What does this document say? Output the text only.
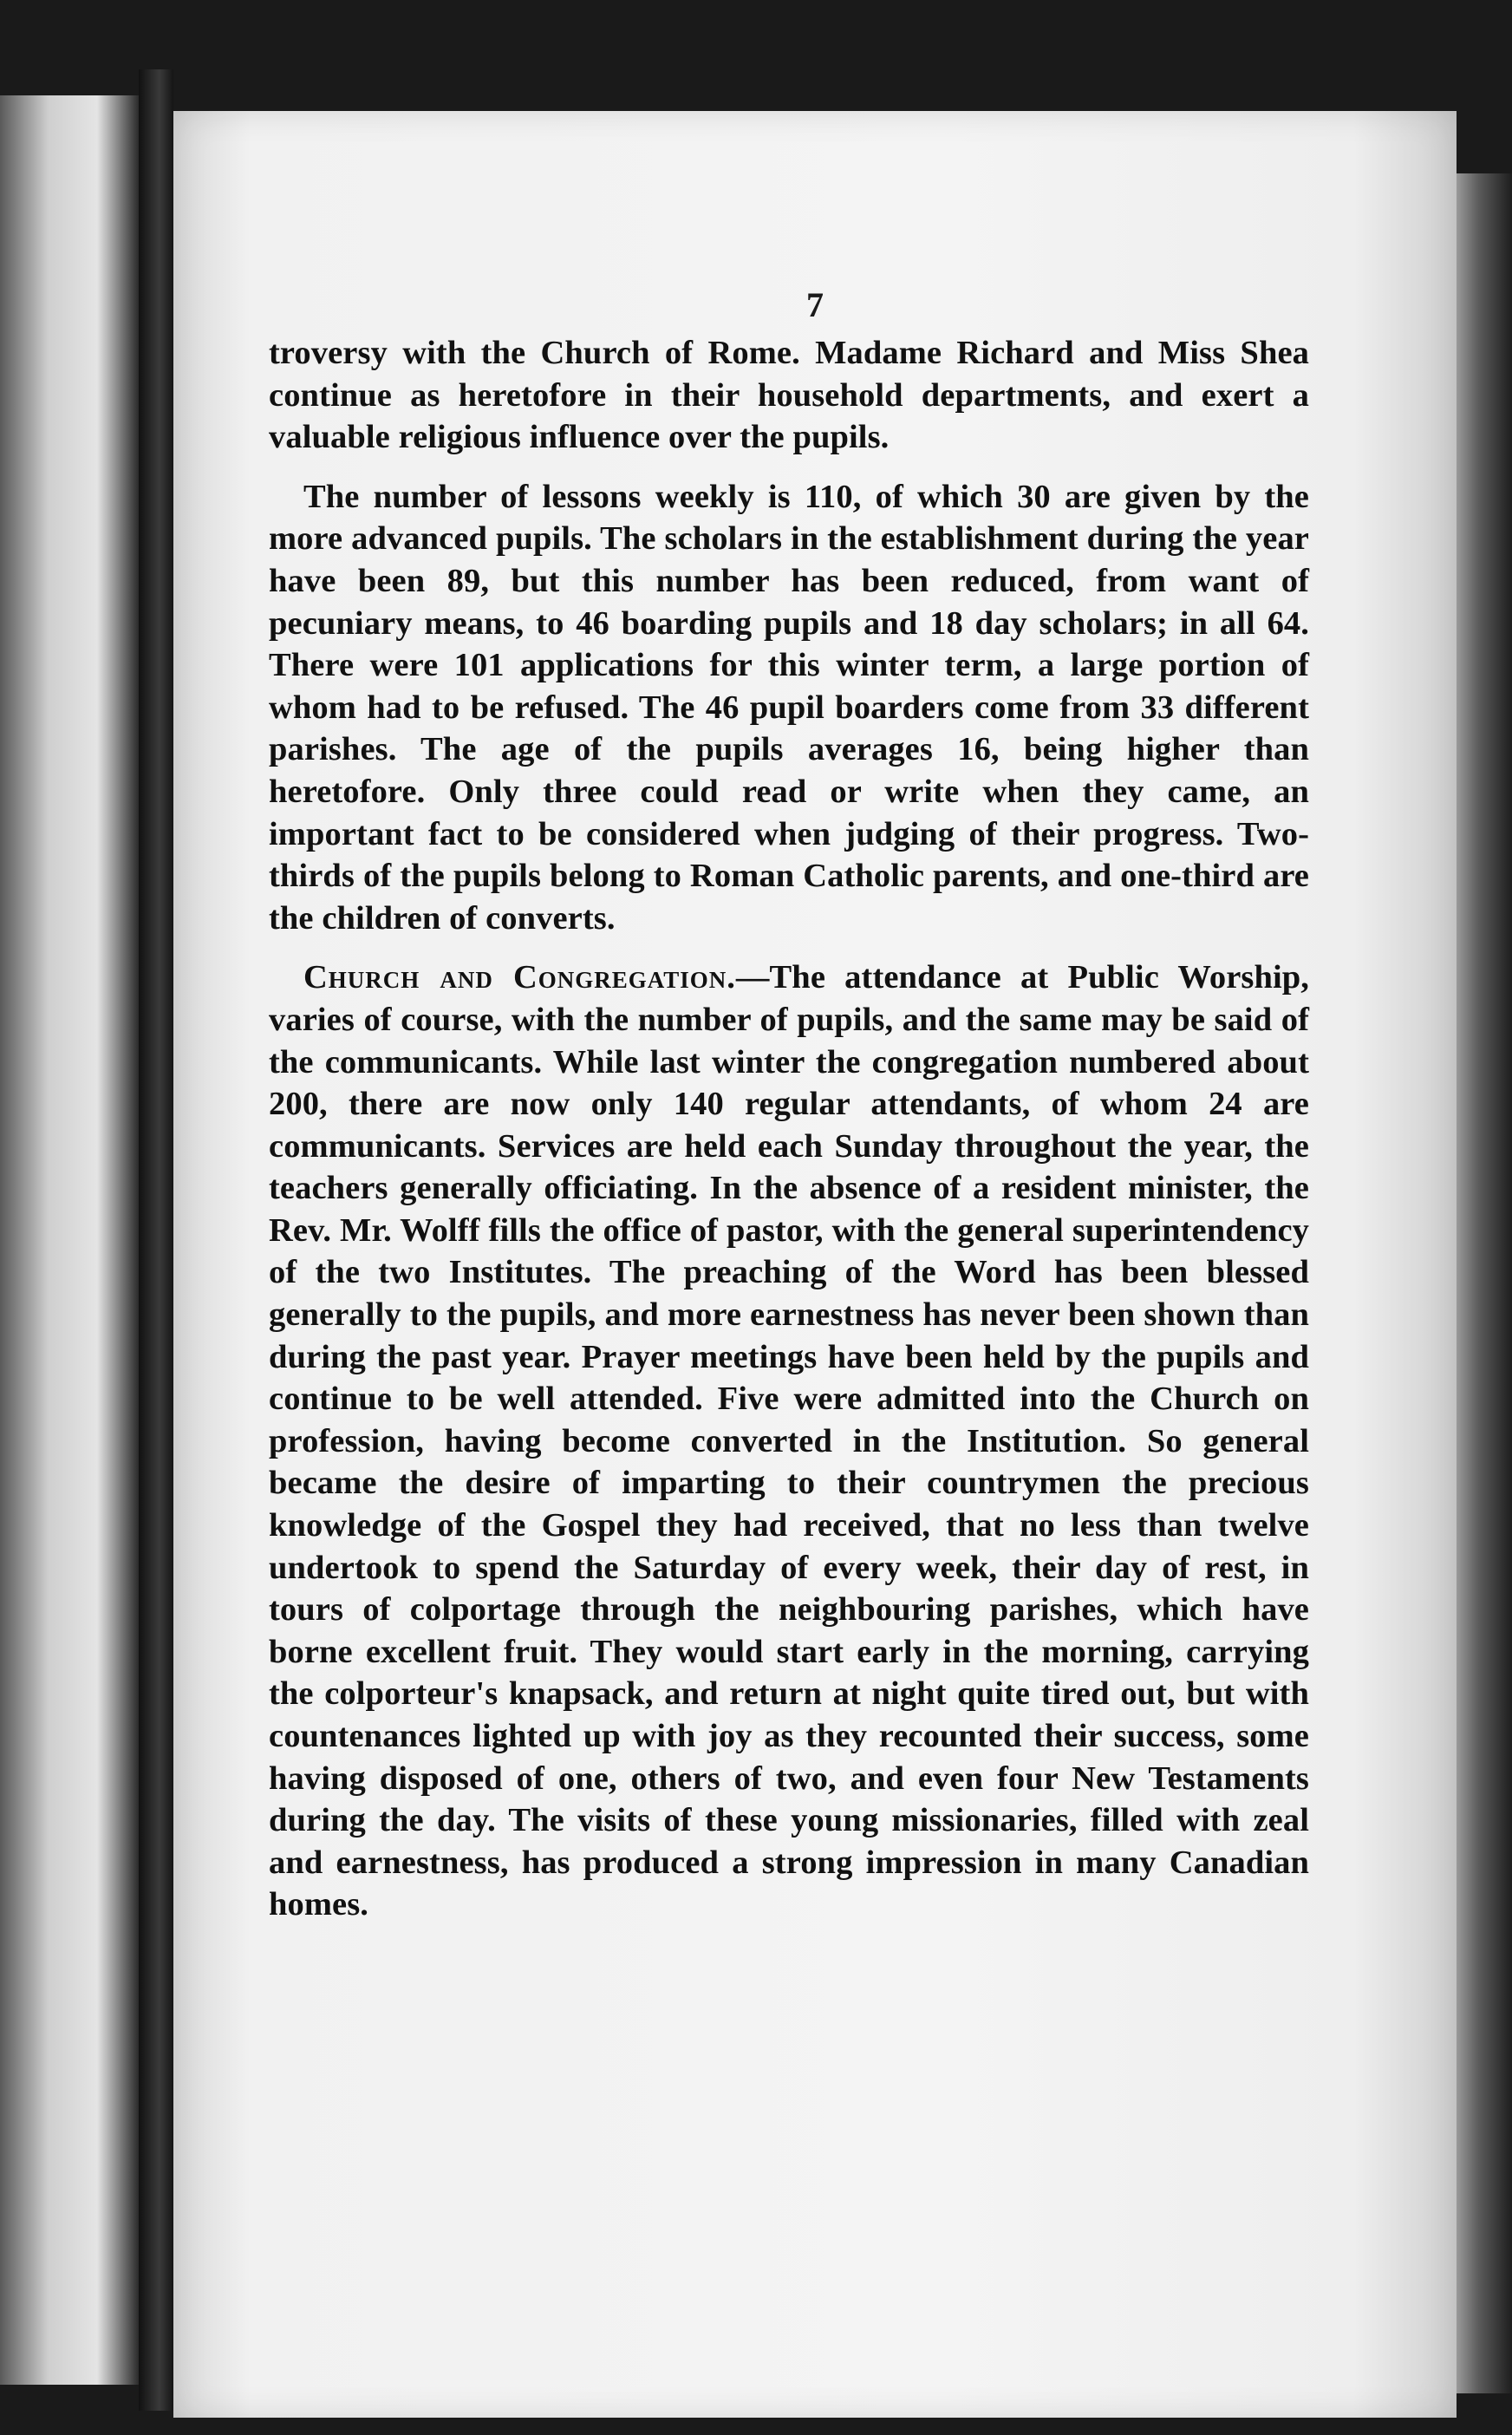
7

troversy with the Church of Rome. Madame Richard and Miss Shea continue as heretofore in their household departments, and exert a valuable religious influence over the pupils.

The number of lessons weekly is 110, of which 30 are given by the more advanced pupils. The scholars in the establishment during the year have been 89, but this number has been reduced, from want of pecuniary means, to 46 boarding pupils and 18 day scholars; in all 64. There were 101 applications for this winter term, a large portion of whom had to be refused. The 46 pupil boarders come from 33 different parishes. The age of the pupils averages 16, being higher than heretofore. Only three could read or write when they came, an important fact to be considered when judging of their progress. Two-thirds of the pupils belong to Roman Catholic parents, and one-third are the children of converts.

Church and Congregation.—The attendance at Public Worship, varies of course, with the number of pupils, and the same may be said of the communicants. While last winter the congregation numbered about 200, there are now only 140 regular attendants, of whom 24 are communicants. Services are held each Sunday throughout the year, the teachers generally officiating. In the absence of a resident minister, the Rev. Mr. Wolff fills the office of pastor, with the general superintendency of the two Institutes. The preaching of the Word has been blessed generally to the pupils, and more earnestness has never been shown than during the past year. Prayer meetings have been held by the pupils and continue to be well attended. Five were admitted into the Church on profession, having become converted in the Institution. So general became the desire of imparting to their countrymen the precious knowledge of the Gospel they had received, that no less than twelve undertook to spend the Saturday of every week, their day of rest, in tours of colportage through the neighbouring parishes, which have borne excellent fruit. They would start early in the morning, carrying the colporteur's knapsack, and return at night quite tired out, but with countenances lighted up with joy as they recounted their success, some having disposed of one, others of two, and even four New Testaments during the day. The visits of these young missionaries, filled with zeal and earnestness, has produced a strong impression in many Canadian homes.
